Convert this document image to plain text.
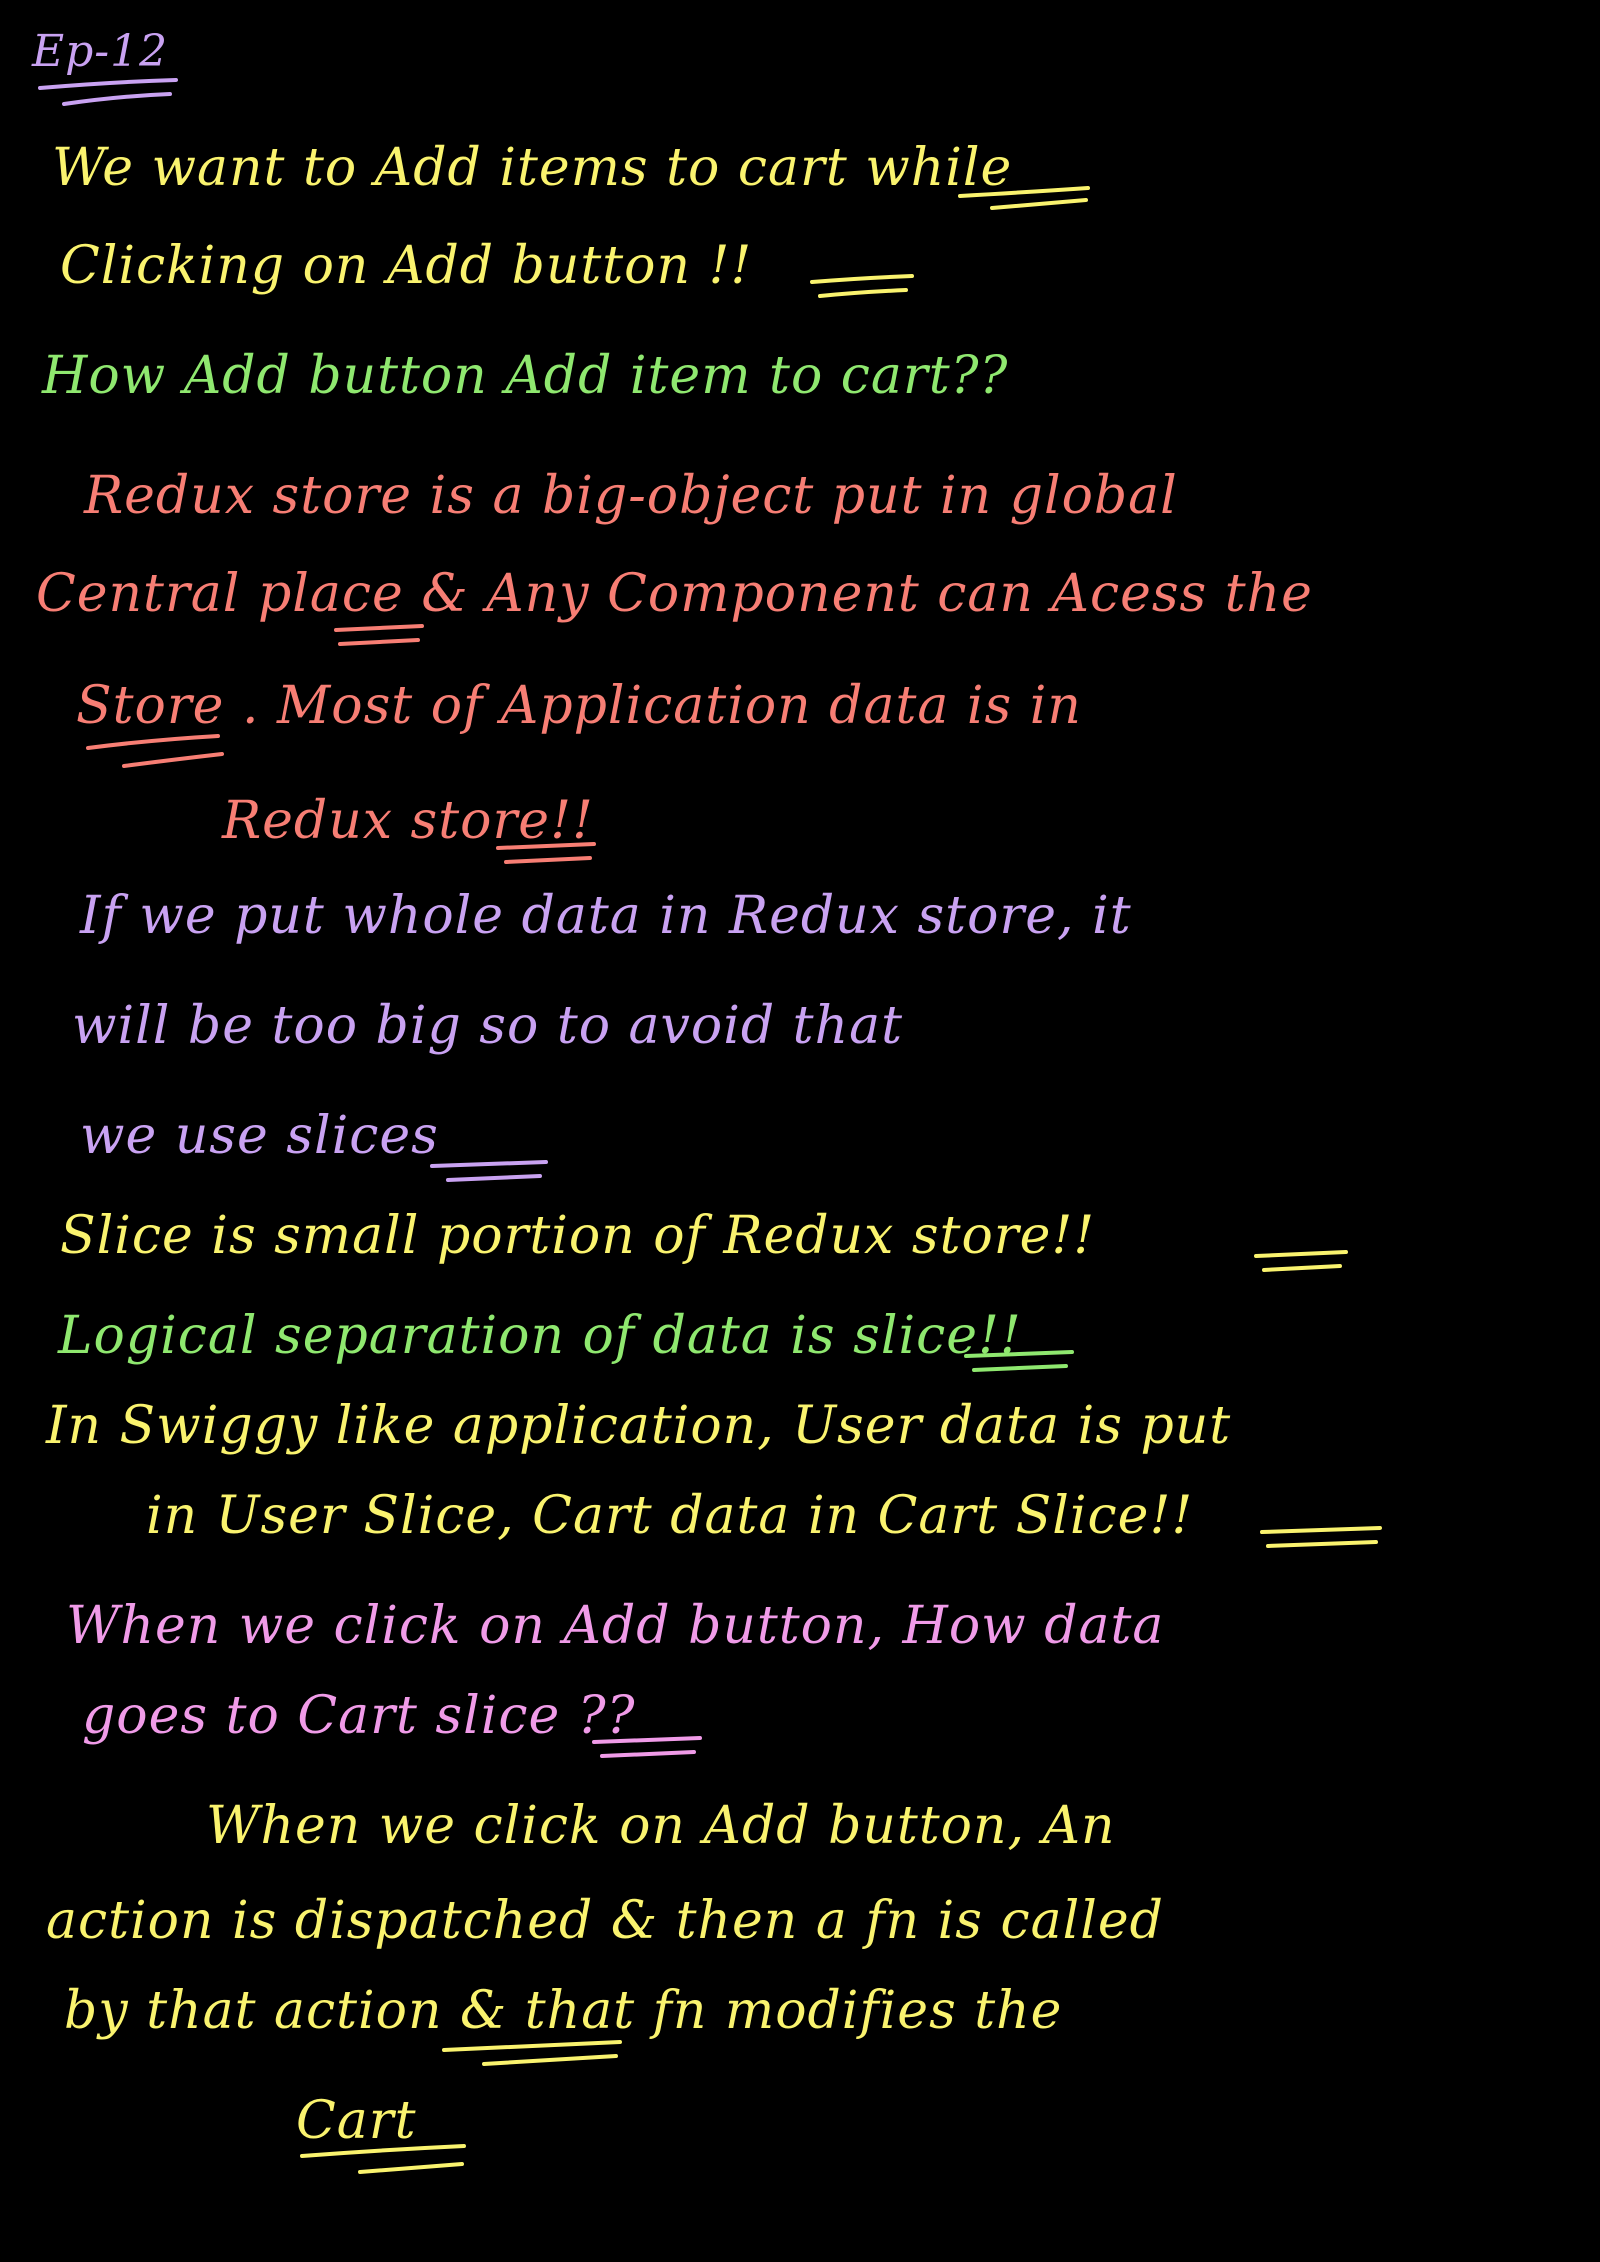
Ep-12
We want to Add items to cart while
Clicking on Add button !!
How Add button Add item to cart??
Redux store is a big-object put in global
Central place & Any Component can Acess the
Store . Most of Application data is in
Redux store!!
If we put whole data in Redux store, it
will be too big so to avoid that
we use slices
Slice is small portion of Redux store!!
Logical separation of data is slice!!
In Swiggy like application, User data is put
in User Slice, Cart data in Cart Slice!!
When we click on Add button, How data
goes to Cart slice ??
When we click on Add button, An
action is dispatched & then a fn is called
by that action & that fn modifies the
Cart
